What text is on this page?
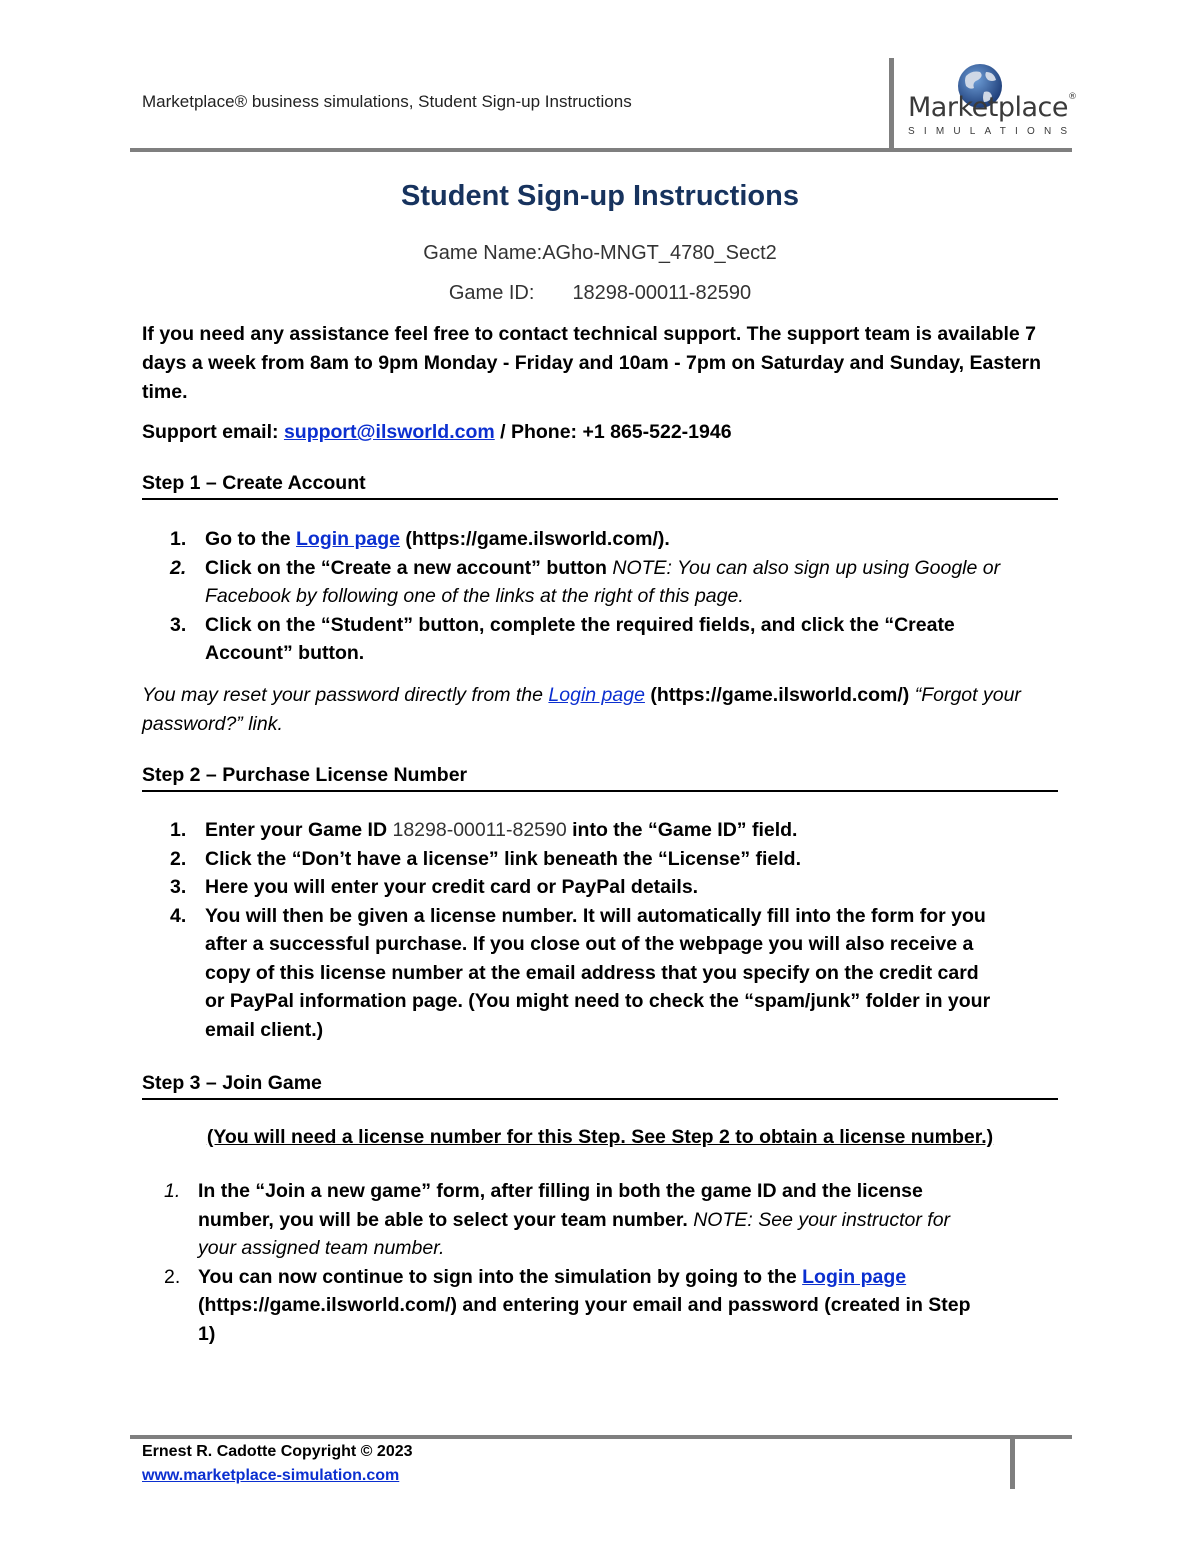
Marketplace® business simulations, Student Sign-up Instructions	Marketplace®
SIMULATIONS
Student Sign-up Instructions
Game Name:AGho-MNGT_4780_Sect2
Game ID: 18298-00011-82590
If you need any assistance feel free to contact technical support. The support team is available 7 days a week from 8am to 9pm Monday - Friday and 10am - 7pm on Saturday and Sunday, Eastern time.
Support email: support@ilsworld.com / Phone: +1 865-522-1946
Step 1 – Create Account
1. Go to the Login page (https://game.ilsworld.com/).
2. Click on the “Create a new account” button NOTE: You can also sign up using Google or Facebook by following one of the links at the right of this page.
3. Click on the “Student” button, complete the required fields, and click the “Create Account” button.
You may reset your password directly from the Login page (https://game.ilsworld.com/) “Forgot your password?” link.
Step 2 – Purchase License Number
1. Enter your Game ID 18298-00011-82590 into the “Game ID” field.
2. Click the “Don’t have a license” link beneath the “License” field.
3. Here you will enter your credit card or PayPal details.
4. You will then be given a license number. It will automatically fill into the form for you after a successful purchase. If you close out of the webpage you will also receive a copy of this license number at the email address that you specify on the credit card or PayPal information page. (You might need to check the “spam/junk” folder in your email client.)
Step 3 – Join Game
(You will need a license number for this Step. See Step 2 to obtain a license number.)
1. In the “Join a new game” form, after filling in both the game ID and the license number, you will be able to select your team number. NOTE: See your instructor for your assigned team number.
2. You can now continue to sign into the simulation by going to the Login page (https://game.ilsworld.com/) and entering your email and password (created in Step 1)
Ernest R. Cadotte Copyright © 2023
www.marketplace-simulation.com
